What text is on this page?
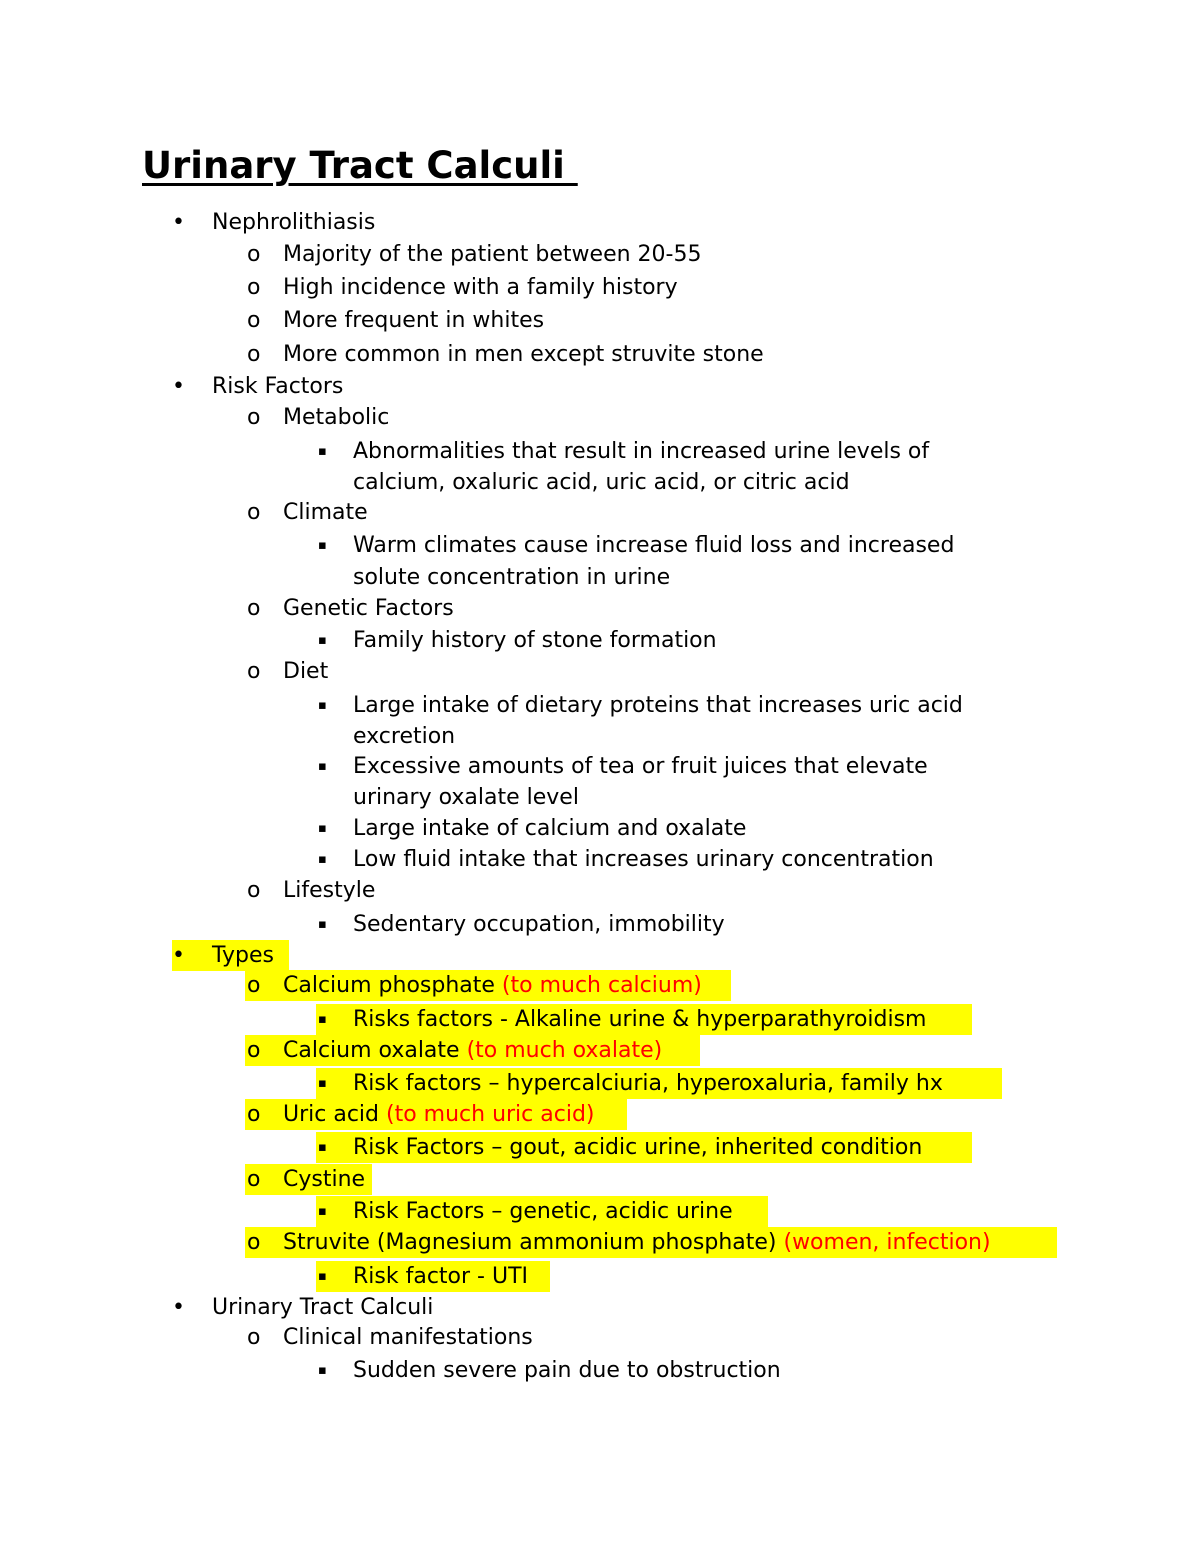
Urinary Tract Calculi
• Nephrolithiasis
o Majority of the patient between 20-55
o High incidence with a family history
o More frequent in whites
o More common in men except struvite stone
• Risk Factors
o Metabolic
▪ Abnormalities that result in increased urine levels of
calcium, oxaluric acid, uric acid, or citric acid
o Climate
▪ Warm climates cause increase fluid loss and increased
solute concentration in urine
o Genetic Factors
▪ Family history of stone formation
o Diet
▪ Large intake of dietary proteins that increases uric acid
excretion
▪ Excessive amounts of tea or fruit juices that elevate
urinary oxalate level
▪ Large intake of calcium and oxalate
▪ Low fluid intake that increases urinary concentration
o Lifestyle
▪ Sedentary occupation, immobility
• Types
o Calcium phosphate (to much calcium)
▪ Risks factors - Alkaline urine & hyperparathyroidism
o Calcium oxalate (to much oxalate)
▪ Risk factors – hypercalciuria, hyperoxaluria, family hx
o Uric acid (to much uric acid)
▪ Risk Factors – gout, acidic urine, inherited condition
o Cystine
▪ Risk Factors – genetic, acidic urine
o Struvite (Magnesium ammonium phosphate) (women, infection)
▪ Risk factor - UTI
• Urinary Tract Calculi
o Clinical manifestations
▪ Sudden severe pain due to obstruction
